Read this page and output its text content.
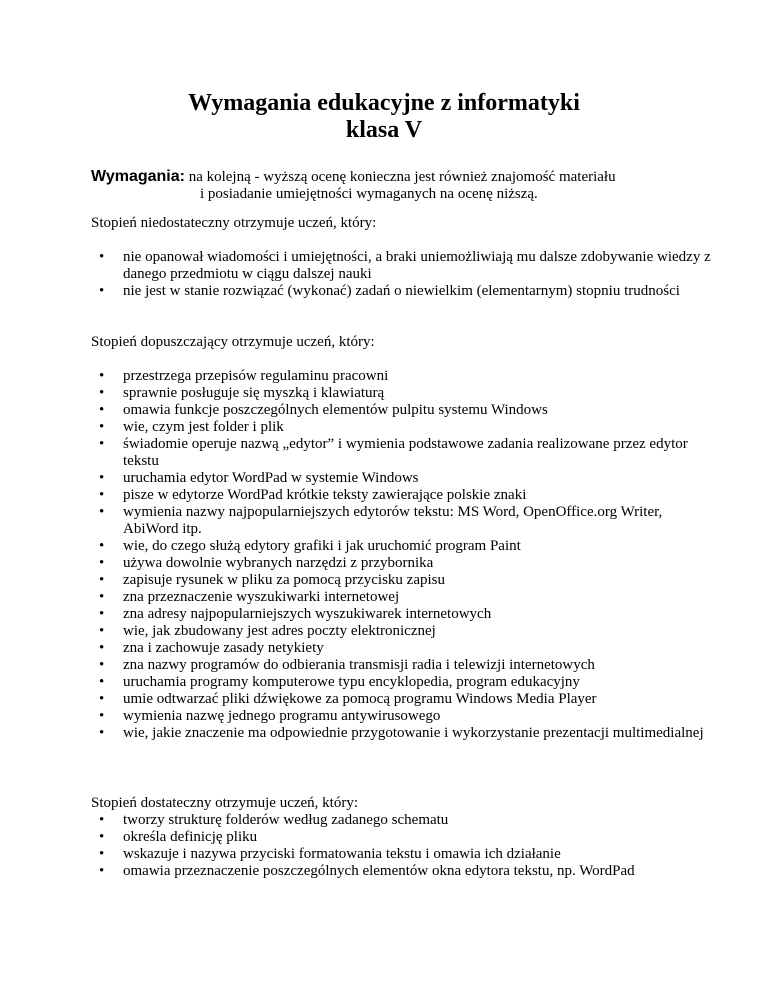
Wymagania edukacyjne z informatyki
klasa V
Wymagania: na kolejną - wyższą ocenę konieczna jest również znajomość materiału
i posiadanie umiejętności wymaganych na ocenę niższą.

Stopień niedostateczny otrzymuje uczeń, który:

• nie opanował wiadomości i umiejętności, a braki uniemożliwiają mu dalsze zdobywanie wiedzy z danego przedmiotu w ciągu dalszej nauki
• nie jest w stanie rozwiązać (wykonać) zadań o niewielkim (elementarnym) stopniu trudności

Stopień dopuszczający otrzymuje uczeń, który:

• przestrzega przepisów regulaminu pracowni
• sprawnie posługuje się myszką i klawiaturą
• omawia funkcje poszczególnych elementów pulpitu systemu Windows
• wie, czym jest folder i plik
• świadomie operuje nazwą „edytor” i wymienia podstawowe zadania realizowane przez edytor tekstu
• uruchamia edytor WordPad w systemie Windows
• pisze w edytorze WordPad krótkie teksty zawierające polskie znaki
• wymienia nazwy najpopularniejszych edytorów tekstu: MS Word, OpenOffice.org Writer, AbiWord itp.
• wie, do czego służą edytory grafiki i jak uruchomić program Paint
• używa dowolnie wybranych narzędzi z przybornika
• zapisuje rysunek w pliku za pomocą przycisku zapisu
• zna przeznaczenie wyszukiwarki internetowej
• zna adresy najpopularniejszych wyszukiwarek internetowych
• wie, jak zbudowany jest adres poczty elektronicznej
• zna i zachowuje zasady netykiety
• zna nazwy programów do odbierania transmisji radia i telewizji internetowych
• uruchamia programy komputerowe typu encyklopedia, program edukacyjny
• umie odtwarzać pliki dźwiękowe za pomocą programu Windows Media Player
• wymienia nazwę jednego programu antywirusowego
• wie, jakie znaczenie ma odpowiednie przygotowanie i wykorzystanie prezentacji multimedialnej

Stopień dostateczny otrzymuje uczeń, który:

• tworzy strukturę folderów według zadanego schematu
• określa definicję pliku
• wskazuje i nazywa przyciski formatowania tekstu i omawia ich działanie
• omawia przeznaczenie poszczególnych elementów okna edytora tekstu, np. WordPad
